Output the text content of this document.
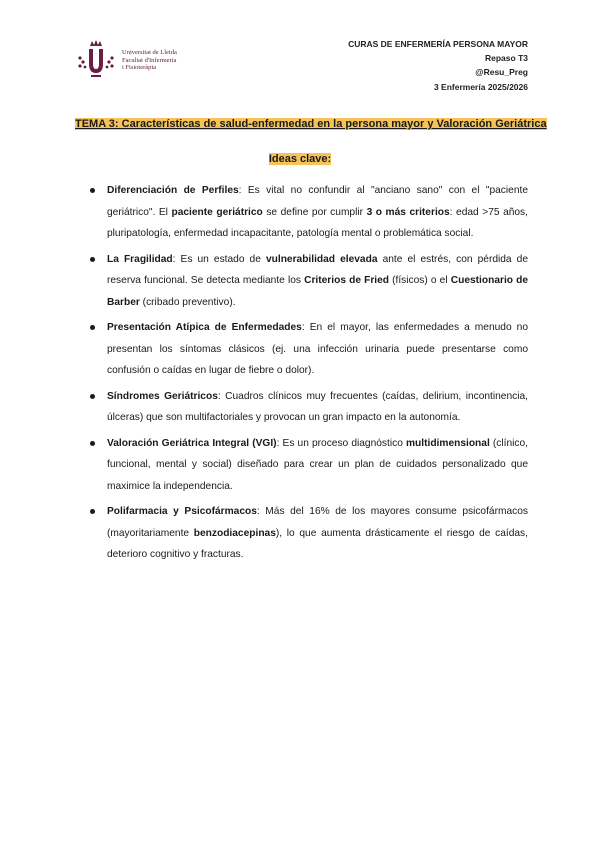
Universitat de Lleida
Facultat d'Infermeria
i Fisioteràpia
CURAS DE ENFERMERÍA PERSONA MAYOR
Repaso T3
@Resu_Preg
3 Enfermería 2025/2026
TEMA 3: Características de salud-enfermedad en la persona mayor y Valoración Geriátrica
Ideas clave:
Diferenciación de Perfiles: Es vital no confundir al "anciano sano" con el "paciente geriátrico". El paciente geriátrico se define por cumplir 3 o más criterios: edad >75 años, pluripatología, enfermedad incapacitante, patología mental o problemática social.
La Fragilidad: Es un estado de vulnerabilidad elevada ante el estrés, con pérdida de reserva funcional. Se detecta mediante los Criterios de Fried (físicos) o el Cuestionario de Barber (cribado preventivo).
Presentación Atípica de Enfermedades: En el mayor, las enfermedades a menudo no presentan los síntomas clásicos (ej. una infección urinaria puede presentarse como confusión o caídas en lugar de fiebre o dolor).
Síndromes Geriátricos: Cuadros clínicos muy frecuentes (caídas, delirium, incontinencia, úlceras) que son multifactoriales y provocan un gran impacto en la autonomía.
Valoración Geriátrica Integral (VGI): Es un proceso diagnóstico multidimensional (clínico, funcional, mental y social) diseñado para crear un plan de cuidados personalizado que maximice la independencia.
Polifarmacia y Psicofármacos: Más del 16% de los mayores consume psicofármacos (mayoritariamente benzodiacepinas), lo que aumenta drásticamente el riesgo de caídas, deterioro cognitivo y fracturas.
